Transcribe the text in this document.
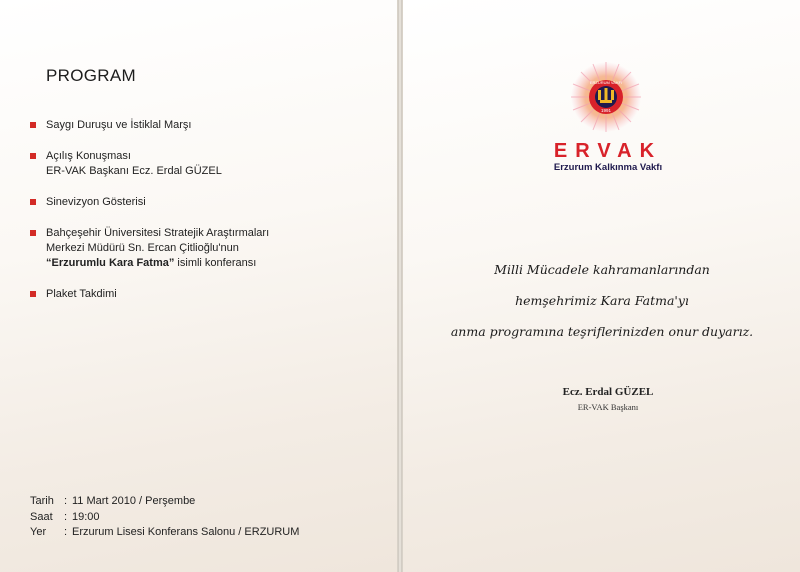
PROGRAM
Saygı Duruşu ve İstiklal Marşı
Açılış Konuşması
ER-VAK Başkanı Ecz. Erdal GÜZEL
Sinevizyon Gösterisi
Bahçeşehir Üniversitesi Stratejik Araştırmaları
Merkezi Müdürü Sn. Ercan Çitlioğlu'nun
“Erzurumlu Kara Fatma” isimli konferansı
Plaket Takdimi
Tarih : 11 Mart 2010 / Perşembe
Saat	: 19:00
Yer	: Erzurum Lisesi Konferans Salonu / ERZURUM
ERZURUM VAKFI
1991
ERVAK
Erzurum Kalkınma Vakfı
Milli Mücadele kahramanlarından
hemşehrimiz Kara Fatma'yı
anma programına teşriflerinizden onur duyarız.
Ecz. Erdal GÜZEL
ER-VAK Başkanı
